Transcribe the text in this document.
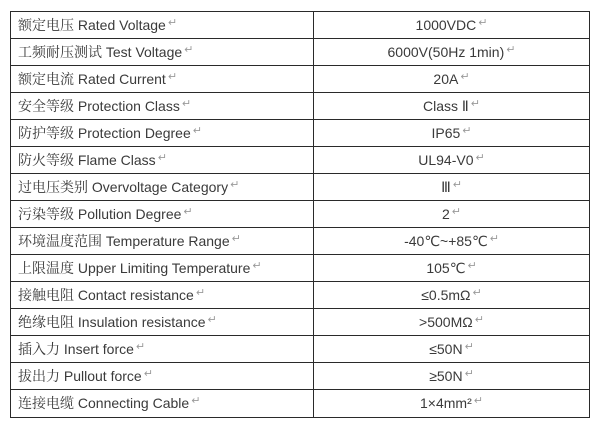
额定电压 Rated Voltage ↵	1000VDC ↵
工频耐压测试 Test Voltage ↵	6000V(50Hz 1min) ↵
额定电流 Rated Current ↵	20A ↵
安全等级 Protection Class ↵	Class Ⅱ ↵
防护等级 Protection Degree ↵	IP65 ↵
防火等级 Flame Class ↵	UL94-V0 ↵
过电压类别 Overvoltage Category ↵	Ⅲ ↵
污染等级 Pollution Degree ↵	2 ↵
环境温度范围 Temperature Range ↵	-40℃~+85℃ ↵
上限温度 Upper Limiting Temperature ↵	105℃ ↵
接触电阻 Contact resistance ↵	≤0.5mΩ ↵
绝缘电阻 Insulation resistance ↵	>500MΩ ↵
插入力 Insert force ↵	≤50N ↵
拔出力 Pullout force ↵	≥50N ↵
连接电缆 Connecting Cable ↵	1×4mm² ↵
